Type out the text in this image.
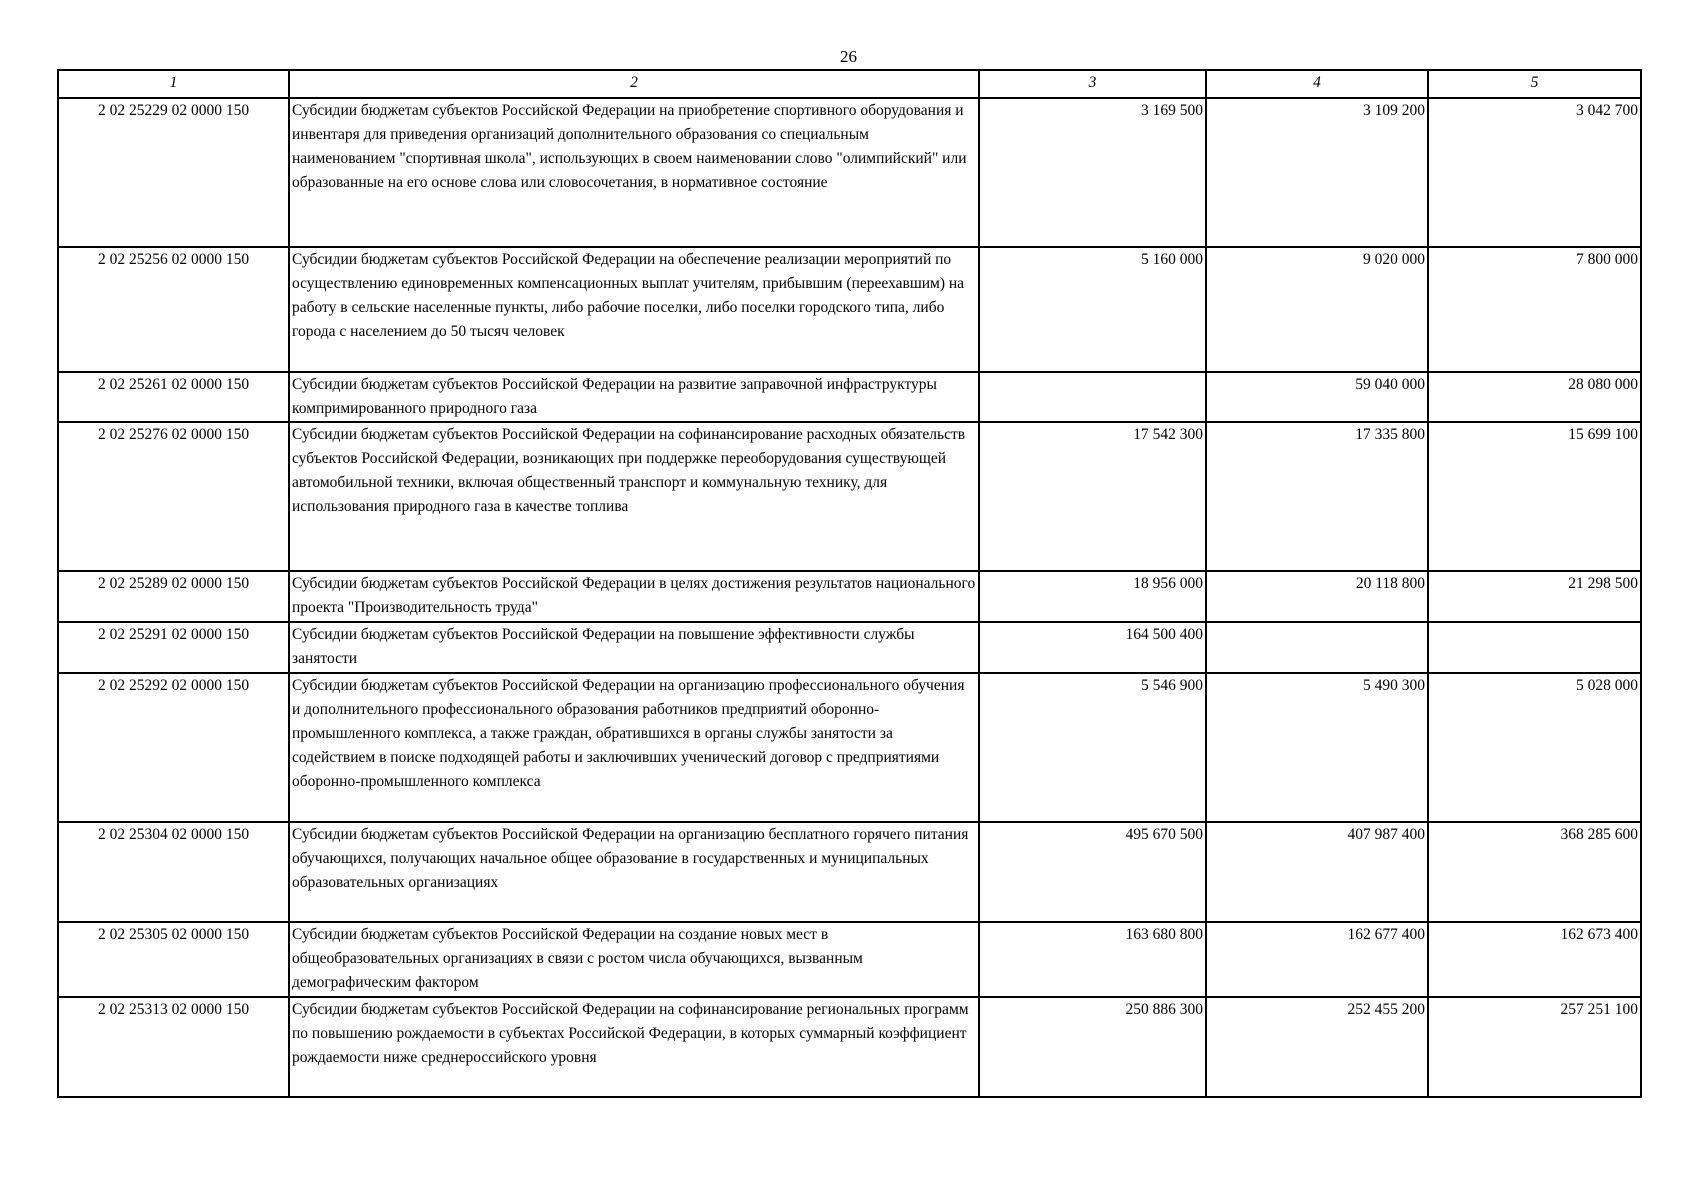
26
1	2	3	4	5
2 02 25229 02 0000 150	Субсидии бюджетам субъектов Российской Федерации на приобретение спортивного оборудования и инвентаря для приведения организаций дополнительного образования со специальным наименованием "спортивная школа", использующих в своем наименовании слово "олимпийский" или образованные на его основе слова или словосочетания, в нормативное состояние	3 169 500	3 109 200	3 042 700
2 02 25256 02 0000 150	Субсидии бюджетам субъектов Российской Федерации на обеспечение реализации мероприятий по осуществлению единовременных компенсационных выплат учителям, прибывшим (переехавшим) на работу в сельские населенные пункты, либо рабочие поселки, либо поселки городского типа, либо города с населением до 50 тысяч человек	5 160 000	9 020 000	7 800 000
2 02 25261 02 0000 150	Субсидии бюджетам субъектов Российской Федерации на развитие заправочной инфраструктуры компримированного природного газа		59 040 000	28 080 000
2 02 25276 02 0000 150	Субсидии бюджетам субъектов Российской Федерации на софинансирование расходных обязательств субъектов Российской Федерации, возникающих при поддержке переоборудования существующей автомобильной техники, включая общественный транспорт и коммунальную технику, для использования природного газа в качестве топлива	17 542 300	17 335 800	15 699 100
2 02 25289 02 0000 150	Субсидии бюджетам субъектов Российской Федерации в целях достижения результатов национального проекта "Производительность труда"	18 956 000	20 118 800	21 298 500
2 02 25291 02 0000 150	Субсидии бюджетам субъектов Российской Федерации на повышение эффективности службы занятости	164 500 400		
2 02 25292 02 0000 150	Субсидии бюджетам субъектов Российской Федерации на организацию профессионального обучения и дополнительного профессионального образования работников предприятий оборонно-промышленного комплекса, а также граждан, обратившихся в органы службы занятости за содействием в поиске подходящей работы и заключивших ученический договор с предприятиями оборонно-промышленного комплекса	5 546 900	5 490 300	5 028 000
2 02 25304 02 0000 150	Субсидии бюджетам субъектов Российской Федерации на организацию бесплатного горячего питания обучающихся, получающих начальное общее образование в государственных и муниципальных образовательных организациях	495 670 500	407 987 400	368 285 600
2 02 25305 02 0000 150	Субсидии бюджетам субъектов Российской Федерации на создание новых мест в общеобразовательных организациях в связи с ростом числа обучающихся, вызванным демографическим фактором	163 680 800	162 677 400	162 673 400
2 02 25313 02 0000 150	Субсидии бюджетам субъектов Российской Федерации на софинансирование региональных программ по повышению рождаемости в субъектах Российской Федерации, в которых суммарный коэффициент рождаемости ниже среднероссийского уровня	250 886 300	252 455 200	257 251 100
